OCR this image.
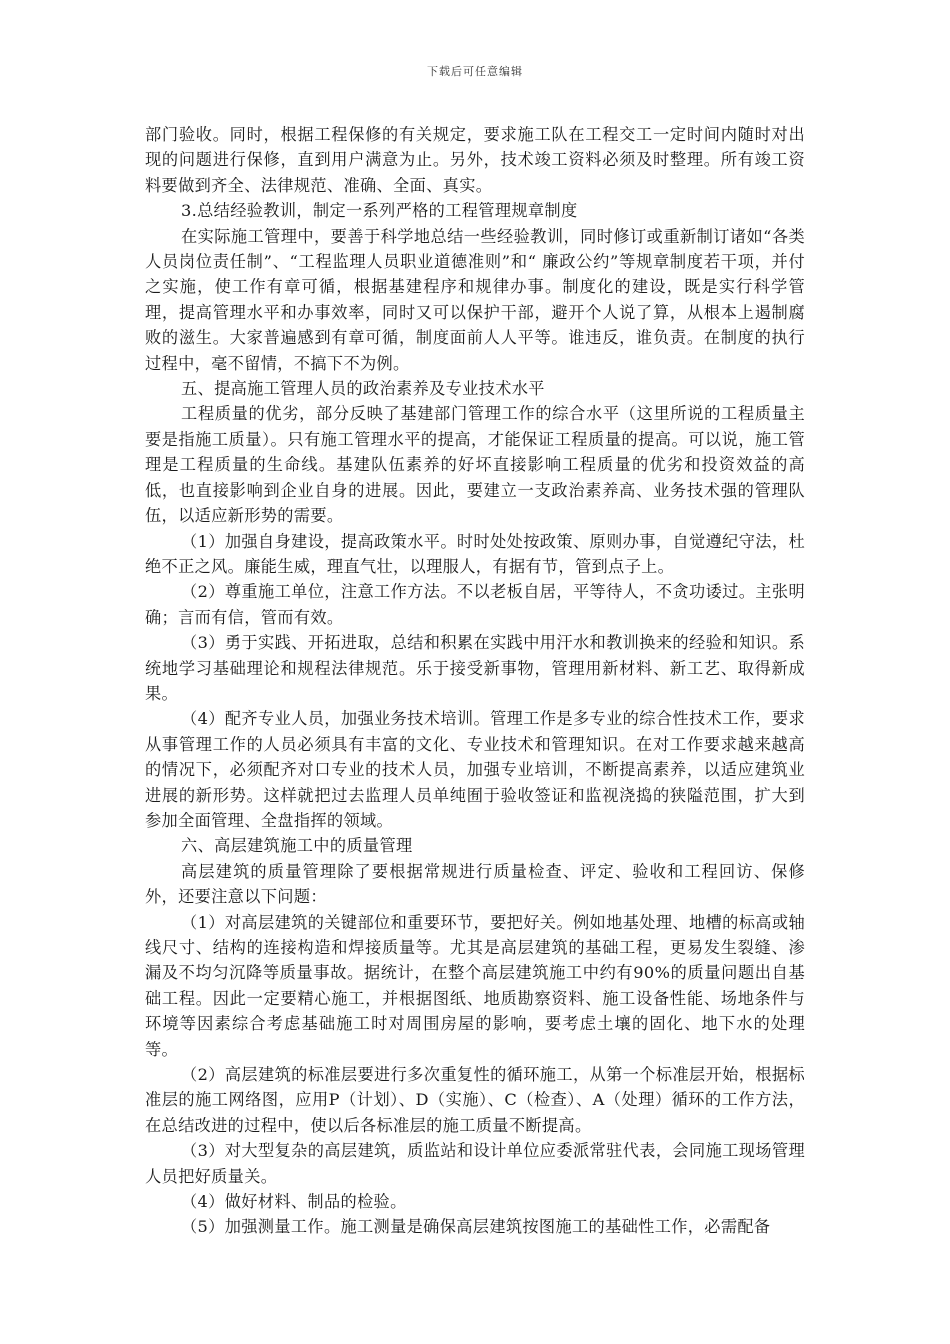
下载后可任意编辑

部门验收。同时，根据工程保修的有关规定，要求施工队在工程交工一定时间内随时对出现的问题进行保修，直到用户满意为止。另外，技术竣工资料必须及时整理。所有竣工资料要做到齐全、法律规范、准确、全面、真实。

3.总结经验教训，制定一系列严格的工程管理规章制度

在实际施工管理中，要善于科学地总结一些经验教训，同时修订或重新制订诸如“各类人员岗位责任制”、“工程监理人员职业道德准则”和“ 廉政公约”等规章制度若干项，并付之实施，使工作有章可循，根据基建程序和规律办事。制度化的建设，既是实行科学管理，提高管理水平和办事效率，同时又可以保护干部，避开个人说了算，从根本上遏制腐败的滋生。大家普遍感到有章可循，制度面前人人平等。谁违反，谁负责。在制度的执行过程中，毫不留情，不搞下不为例。

五、提高施工管理人员的政治素养及专业技术水平

工程质量的优劣，部分反映了基建部门管理工作的综合水平（这里所说的工程质量主要是指施工质量）。只有施工管理水平的提高，才能保证工程质量的提高。可以说，施工管理是工程质量的生命线。基建队伍素养的好坏直接影响工程质量的优劣和投资效益的高低，也直接影响到企业自身的进展。因此，要建立一支政治素养高、业务技术强的管理队伍，以适应新形势的需要。

（1）加强自身建设，提高政策水平。时时处处按政策、原则办事，自觉遵纪守法，杜绝不正之风。廉能生威，理直气壮，以理服人，有据有节，管到点子上。

（2）尊重施工单位，注意工作方法。不以老板自居，平等待人，不贪功诿过。主张明确；言而有信，管而有效。

（3）勇于实践、开拓进取，总结和积累在实践中用汗水和教训换来的经验和知识。系统地学习基础理论和规程法律规范。乐于接受新事物，管理用新材料、新工艺、取得新成果。

（4）配齐专业人员，加强业务技术培训。管理工作是多专业的综合性技术工作，要求从事管理工作的人员必须具有丰富的文化、专业技术和管理知识。在对工作要求越来越高的情况下，必须配齐对口专业的技术人员，加强专业培训，不断提高素养，以适应建筑业进展的新形势。这样就把过去监理人员单纯囿于验收签证和监视浇捣的狭隘范围，扩大到参加全面管理、全盘指挥的领域。

六、高层建筑施工中的质量管理

高层建筑的质量管理除了要根据常规进行质量检查、评定、验收和工程回访、保修外，还要注意以下问题：

（1）对高层建筑的关键部位和重要环节，要把好关。例如地基处理、地槽的标高或轴线尺寸、结构的连接构造和焊接质量等。尤其是高层建筑的基础工程，更易发生裂缝、渗漏及不均匀沉降等质量事故。据统计，在整个高层建筑施工中约有90%的质量问题出自基础工程。因此一定要精心施工，并根据图纸、地质勘察资料、施工设备性能、场地条件与环境等因素综合考虑基础施工时对周围房屋的影响，要考虑土壤的固化、地下水的处理等。

（2）高层建筑的标准层要进行多次重复性的循环施工，从第一个标准层开始，根据标准层的施工网络图，应用P（计划）、D（实施）、C（检查）、A（处理）循环的工作方法，在总结改进的过程中，使以后各标准层的施工质量不断提高。

（3）对大型复杂的高层建筑，质监站和设计单位应委派常驻代表，会同施工现场管理人员把好质量关。

（4）做好材料、制品的检验。

（5）加强测量工作。施工测量是确保高层建筑按图施工的基础性工作，必需配备
